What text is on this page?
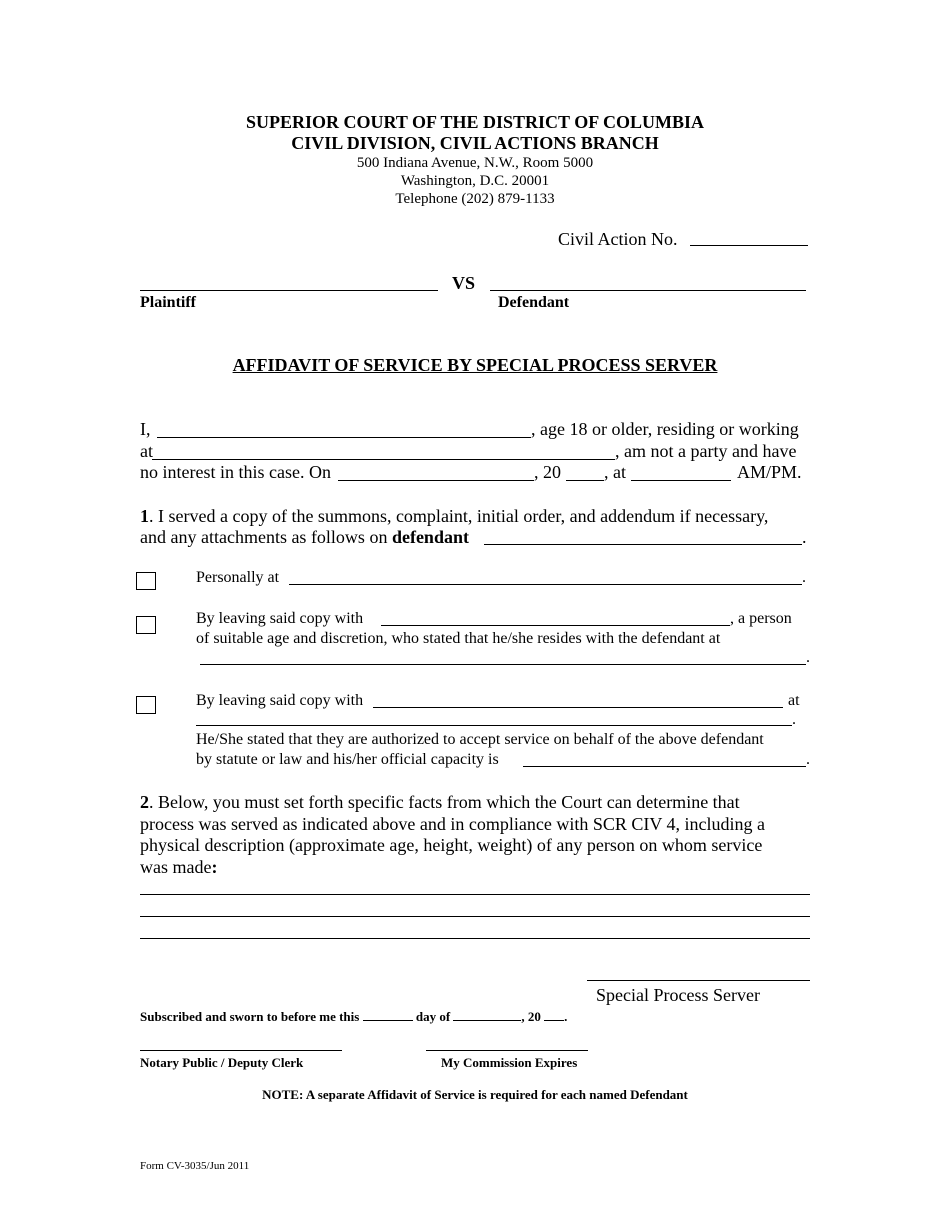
SUPERIOR COURT OF THE DISTRICT OF COLUMBIA
CIVIL DIVISION, CIVIL ACTIONS BRANCH
500 Indiana Avenue, N.W., Room 5000
Washington, D.C. 20001
Telephone (202) 879-1133
Civil Action No.
VS
Plaintiff	Defendant
AFFIDAVIT OF SERVICE BY SPECIAL PROCESS SERVER
I,	, age 18 or older, residing or working
at	, am not a party and have
no interest in this case. On	, 20 , at	AM/PM.
1. I served a copy of the summons, complaint, initial order, and addendum if necessary,
and any attachments as follows on defendant	.
Personally at	.
By leaving said copy with	, a person
of suitable age and discretion, who stated that he/she resides with the defendant at
.
By leaving said copy with	at
.
He/She stated that they are authorized to accept service on behalf of the above defendant
by statute or law and his/her official capacity is	.
2. Below, you must set forth specific facts from which the Court can determine that
process was served as indicated above and in compliance with SCR CIV 4, including a
physical description (approximate age, height, weight) of any person on whom service
was made:
Special Process Server
Subscribed and sworn to before me this	day of	, 20 .
Notary Public / Deputy Clerk	My Commission Expires
NOTE: A separate Affidavit of Service is required for each named Defendant
Form CV-3035/Jun 2011
